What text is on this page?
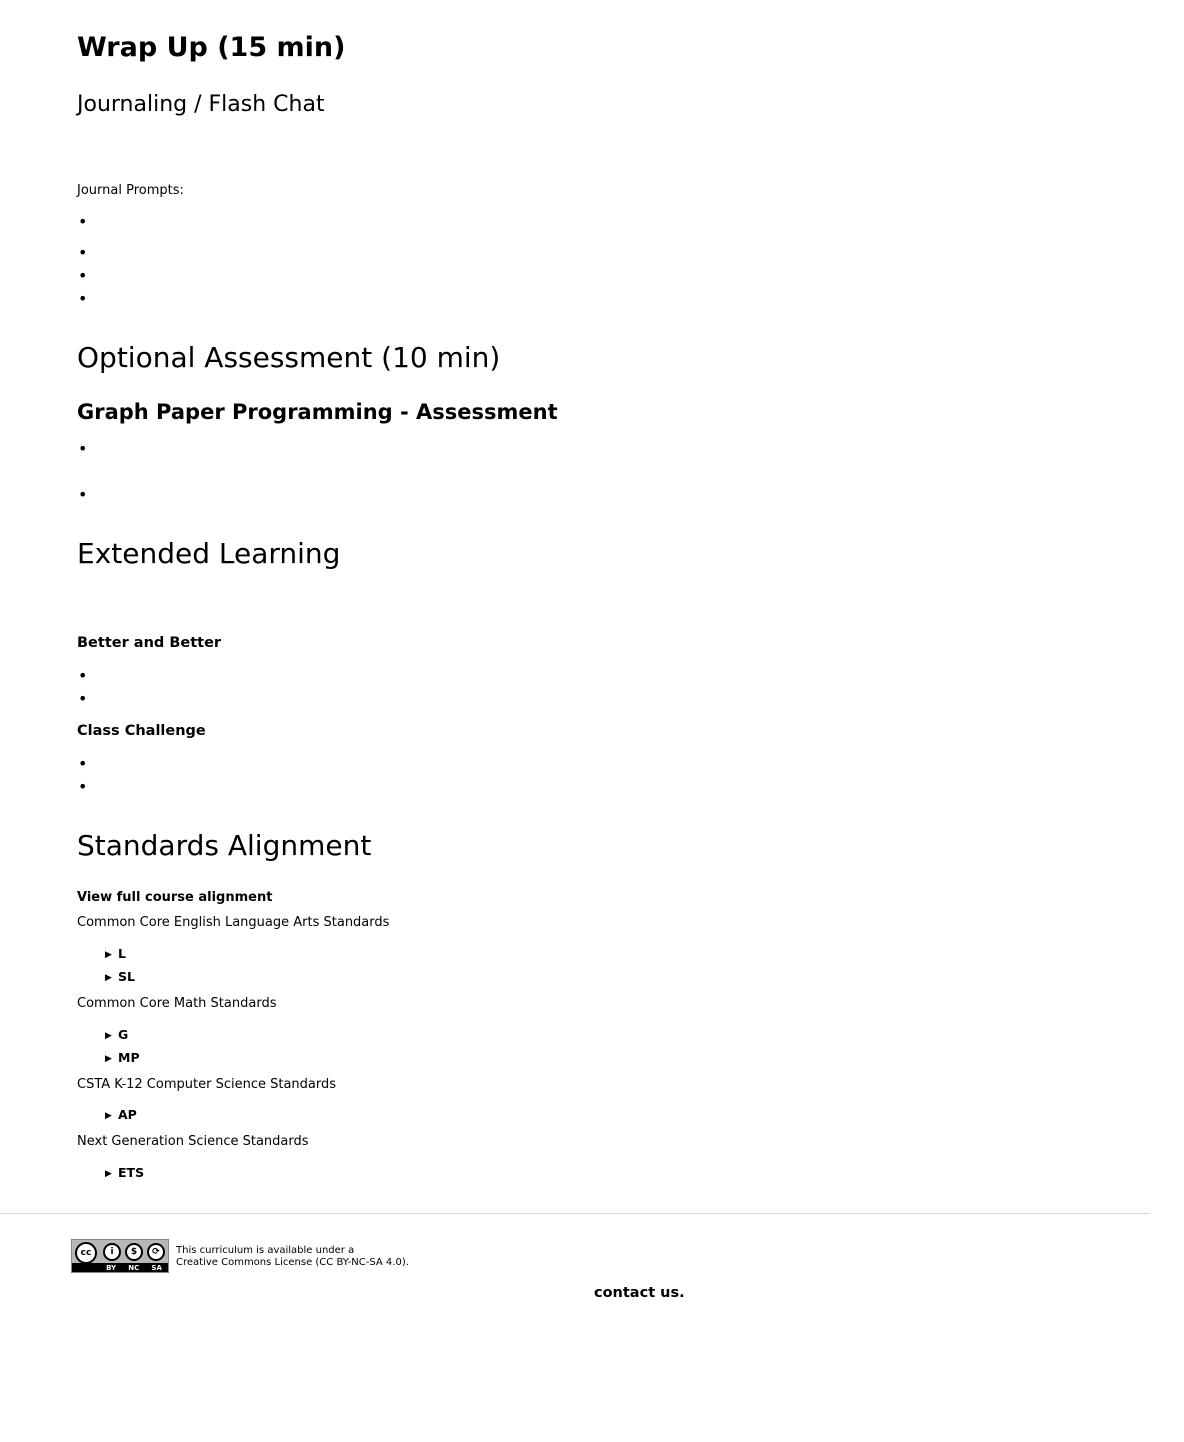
Wrap Up (15 min)
Journaling / Flash Chat
Journal Prompts:
•
•
•
•
Optional Assessment (10 min)
Graph Paper Programming - Assessment
•
•
Extended Learning
Better and Better
•
•
Class Challenge
•
•
Standards Alignment
View full course alignment
Common Core English Language Arts Standards
▶ L
▶ SL
Common Core Math Standards
▶ G
▶ MP
CSTA K-12 Computer Science Standards
▶ AP
Next Generation Science Standards
▶ ETS
cc	i	$	⟳
BY NC SA
This curriculum is available under a
Creative Commons License (CC BY-NC-SA 4.0).
contact us.
